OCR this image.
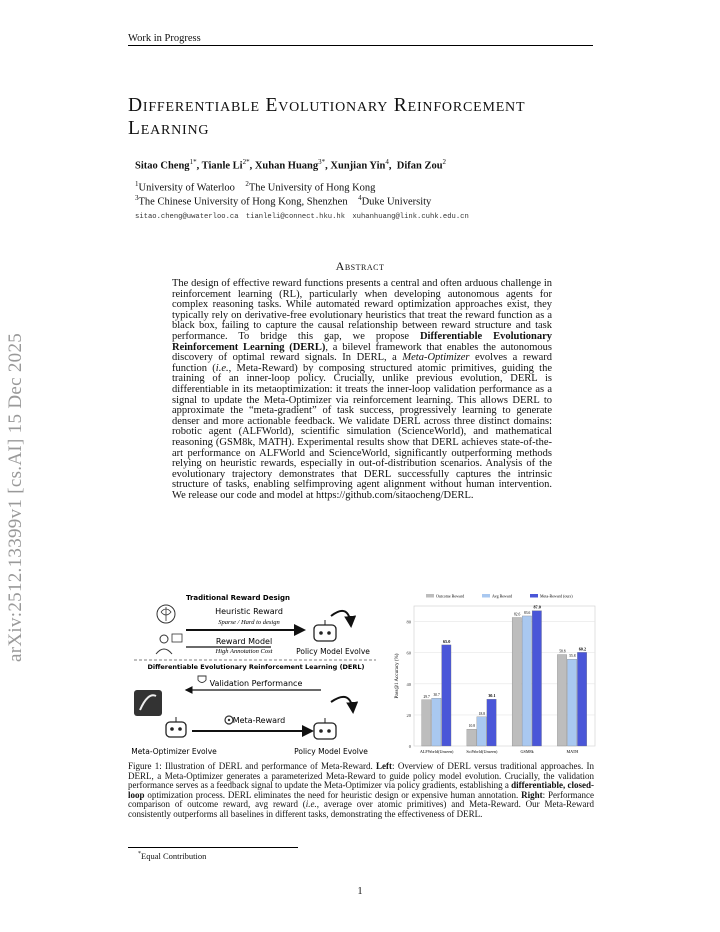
Work in Progress
arXiv:2512.13399v1 [cs.AI] 15 Dec 2025
Differentiable Evolutionary Reinforcement Learning
Sitao Cheng$^{1*}$, Tianle $Li^{2*}$, Xuhan Huang$^{3*}$, Xunjian Yin$^4$,  Difan Zou$^2$
$^1$University of Waterloo $^2$The University of Hong Kong
$^3$The Chinese University of Hong Kong, Shenzhen $^4$Duke University
sitao.cheng@uwaterloo.ca tianleli@connect.hku.hk xuhanhuang@link.cuhk.edu.cn
Abstract
The design of effective reward functions presents a central and often arduous challenge in reinforcement learning (RL), particularly when developing autonomous agents for complex reasoning tasks. While automated reward optimization approaches exist, they typically rely on derivative-free evolutionary heuristics that treat the reward function as a black box, failing to capture the causal relationship between reward structure and task performance. To bridge this gap, we propose Differentiable Evolutionary Reinforcement Learning (DERL), a bilevel framework that enables the autonomous discovery of optimal reward signals. In DERL, a Meta-Optimizer evolves a reward function (i.e., Meta-Reward) by composing structured atomic primitives, guiding the training of an inner-loop policy. Crucially, unlike previous evolution, DERL is differentiable in its metaoptimization: it treats the inner-loop validation performance as a signal to update the Meta-Optimizer via reinforcement learning. This allows DERL to approximate the “meta-gradient” of task success, progressively learning to generate denser and more actionable feedback. We validate DERL across three distinct domains: robotic agent (ALFWorld), scientific simulation (ScienceWorld), and mathematical reasoning (GSM8k, MATH). Experimental results show that DERL achieves state-of-the-art performance on ALFWorld and ScienceWorld, significantly outperforming methods relying on heuristic rewards, especially in out-of-distribution scenarios. Analysis of the evolutionary trajectory demonstrates that DERL successfully captures the intrinsic structure of tasks, enabling selfimproving agent alignment without human intervention. We release our code and model at https://github.com/sitaocheng/DERL.
Traditional Reward Design
Heuristic Reward
Sparse / Hard to design
Reward Model
High Annotation Cost	Policy Model Evolve
Differentiable Evolutionary Reinforcement Learning (DERL)
Validation Performance
Meta-Reward
Meta-Optimizer Evolve	Policy Model Evolve
0
20
40
60
80
Pass@1 Accuracy (%)
Outcome Reward	Avg Reward	Meta-Reward (ours)
29.7 30.7
65.0
ALFWorld(Unseen)
10.8
18.8
30.1
SciWorld(Unseen)
82.6 83.6
87.0
GSM8k
58.8
55.8
60.2
MATH
Figure 1: Illustration of DERL and performance of Meta-Reward. Left: Overview of DERL versus traditional approaches. In DERL, a Meta-Optimizer generates a parameterized Meta-Reward to guide policy model evolution. Crucially, the validation performance serves as a feedback signal to update the Meta-Optimizer via policy gradients, establishing a differentiable, closed-loop optimization process. DERL eliminates the need for heuristic design or expensive human annotation. Right: Performance comparison of outcome reward, avg reward (i.e., average over atomic primitives) and Meta-Reward. Our Meta-Reward consistently outperforms all baselines in different tasks, demonstrating the effectiveness of DERL.
*Equal Contribution
1
